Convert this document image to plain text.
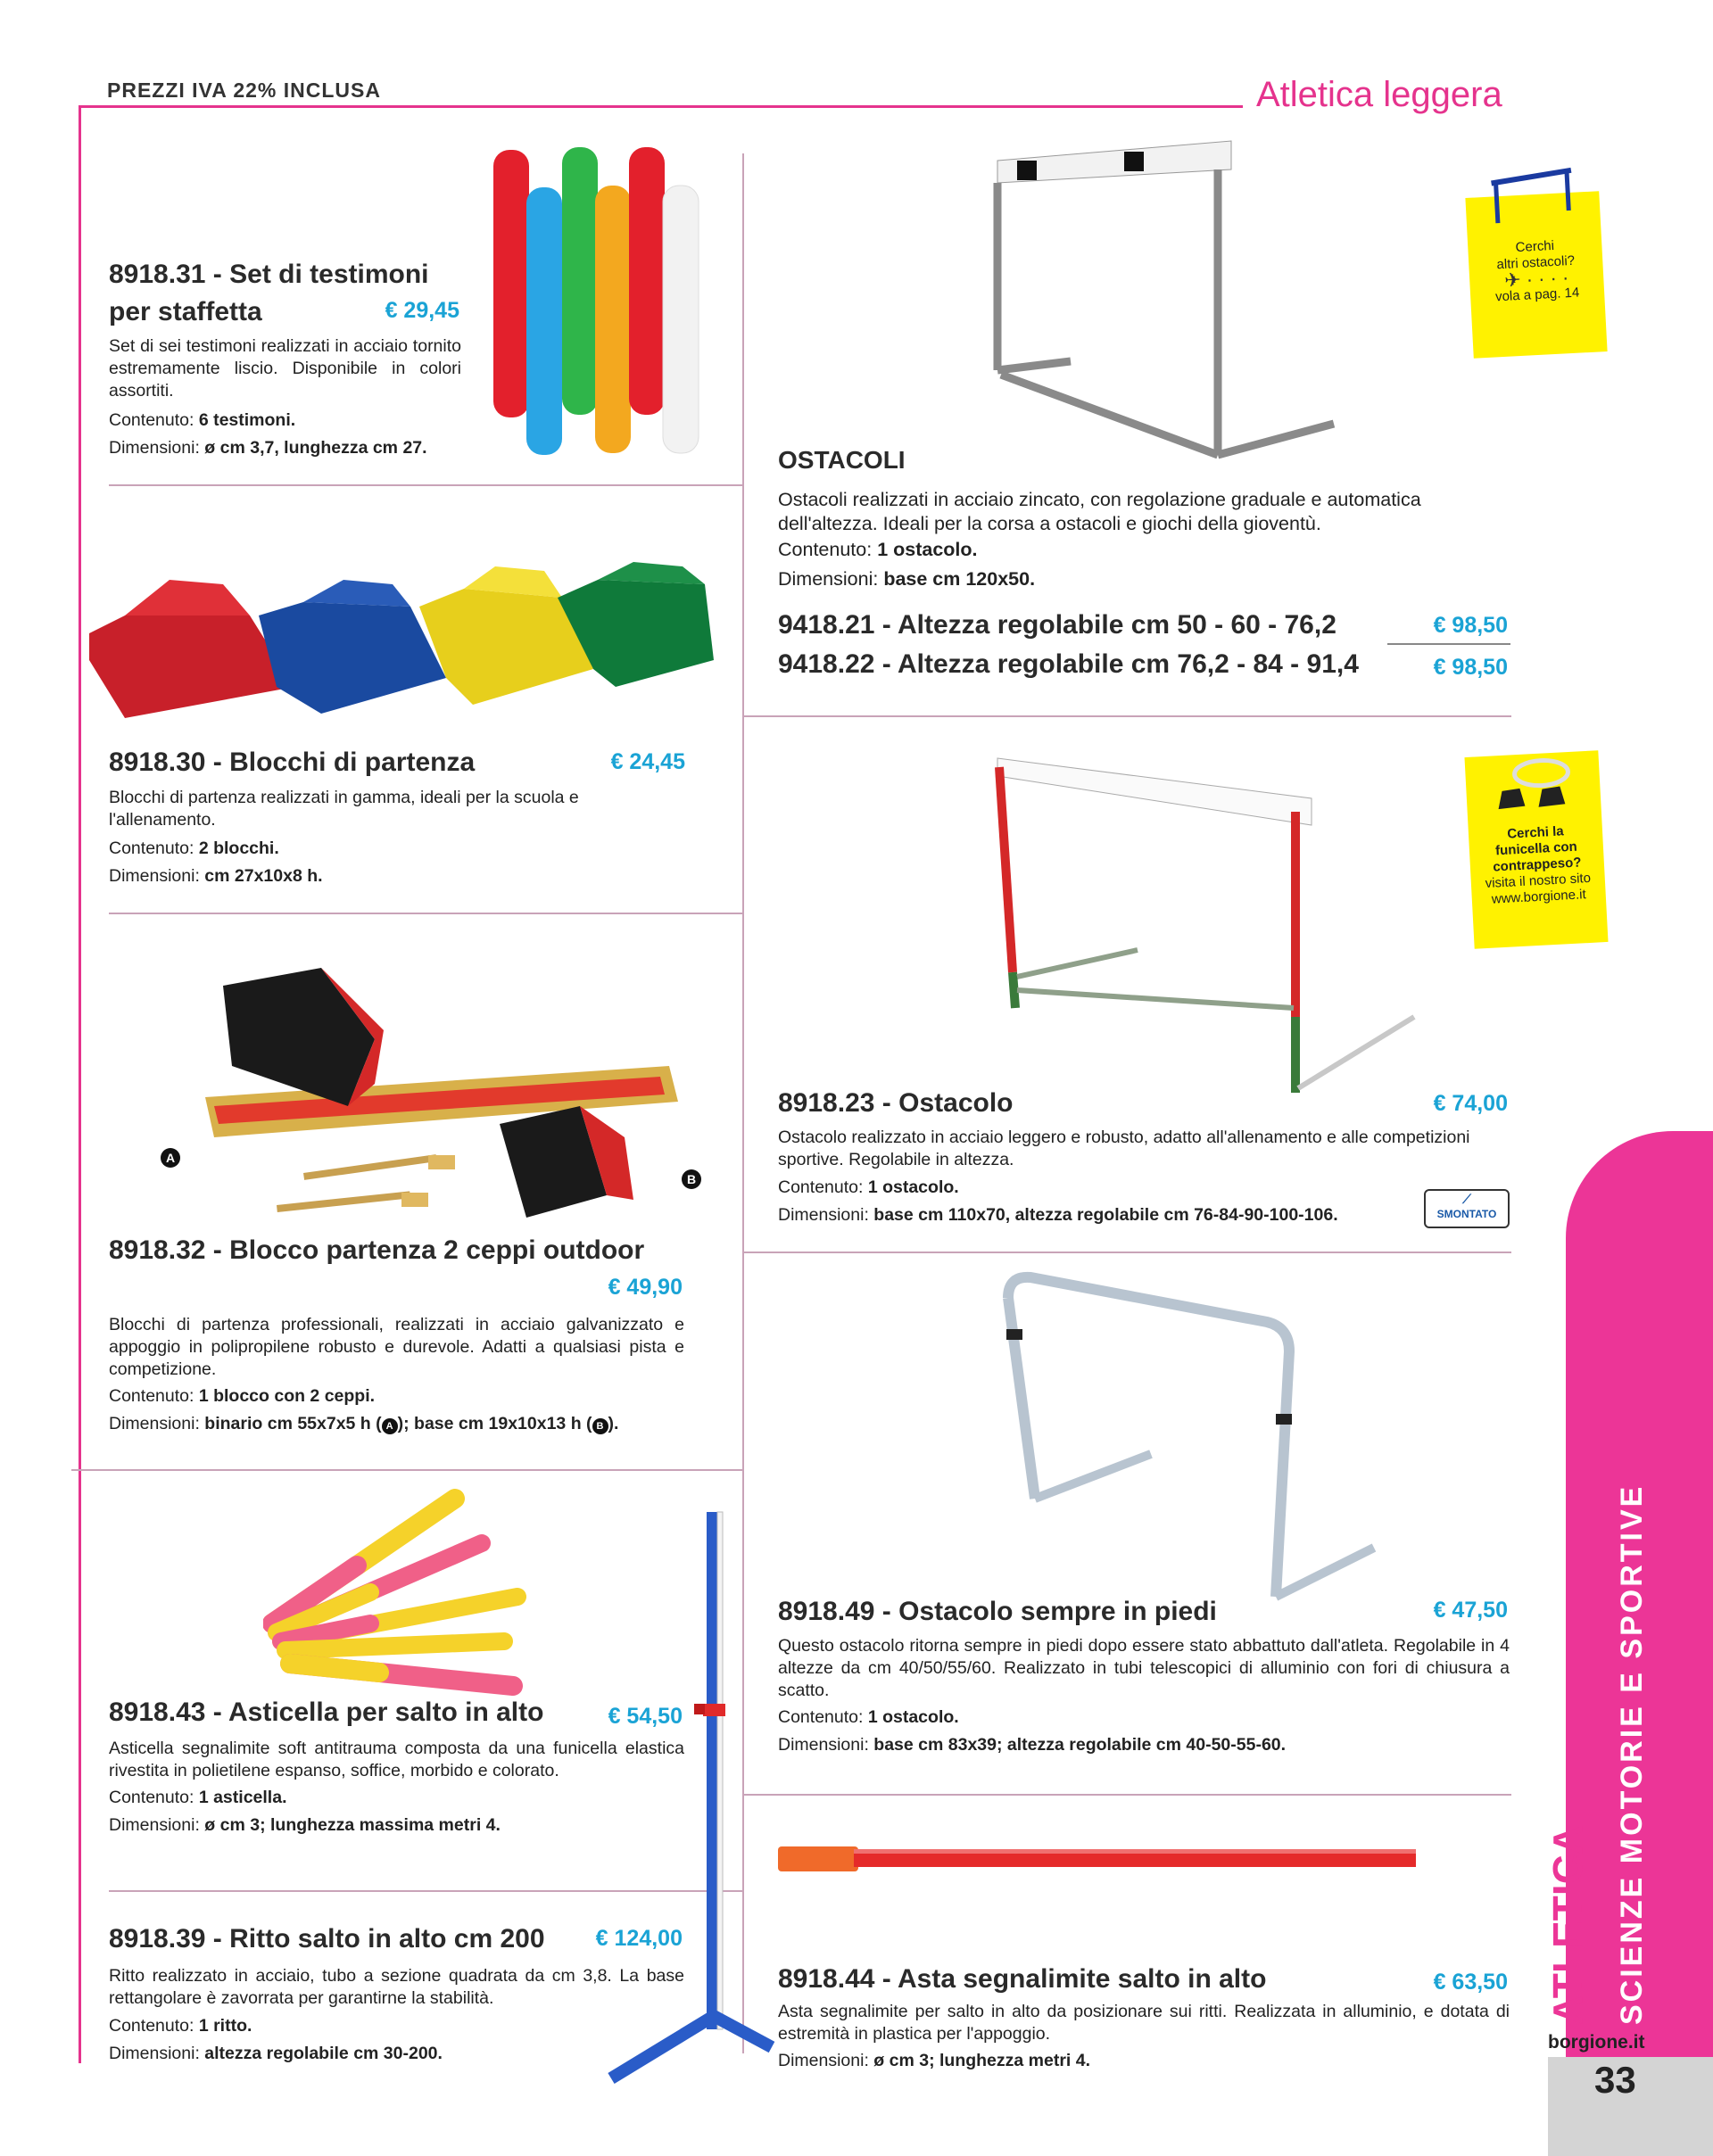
PREZZI IVA 22% INCLUSA	Atletica leggera
8918.31 - Set di testimoni
per staffetta	€ 29,45
Set di sei testimoni realizzati in acciaio tornito estremamente liscio. Disponibile in colori assortiti.
Contenuto: 6 testimoni.
Dimensioni: ø cm 3,7, lunghezza cm 27.
8918.30 - Blocchi di partenza	€ 24,45
Blocchi di partenza realizzati in gamma, ideali per la scuola e l'allenamento.
Contenuto: 2 blocchi.
Dimensioni: cm 27x10x8 h.
A
B
8918.32 - Blocco partenza 2 ceppi outdoor
€ 49,90
Blocchi di partenza professionali, realizzati in acciaio galvanizzato e appoggio in polipropilene robusto e durevole. Adatti a qualsiasi pista e competizione.
Contenuto: 1 blocco con 2 ceppi.
Dimensioni: binario cm 55x7x5 h ( A ); base cm 19x10x13 h ( B ).
8918.43 - Asticella per salto in alto	€ 54,50
Asticella segnalimite soft antitrauma composta da una funicella elastica rivestita in polietilene espanso, soffice, morbido e colorato.
Contenuto: 1 asticella.
Dimensioni: ø cm 3; lunghezza massima metri 4.
8918.39 - Ritto salto in alto cm 200	€ 124,00
Ritto realizzato in acciaio, tubo a sezione quadrata da cm 3,8. La base rettangolare è zavorrata per garantirne la stabilità.
Contenuto: 1 ritto.
Dimensioni: altezza regolabile cm 30-200.
Cerchi
altri ostacoli?
✈ · · · ·
vola a pag. 14
OSTACOLI
Ostacoli realizzati in acciaio zincato, con regolazione graduale e automatica dell'altezza. Ideali per la corsa a ostacoli e giochi della gioventù.
Contenuto: 1 ostacolo.
Dimensioni: base cm 120x50.
9418.21 - Altezza regolabile cm 50 - 60 - 76,2	€ 98,50
9418.22 - Altezza regolabile cm 76,2 - 84 - 91,4	€ 98,50
Cerchi la
funicella con
contrappeso?
visita il nostro sito
www.borgione.it
8918.23 - Ostacolo	€ 74,00
Ostacolo realizzato in acciaio leggero e robusto, adatto all'allenamento e alle competizioni sportive. Regolabile in altezza.
Contenuto: 1 ostacolo.
Dimensioni: base cm 110x70, altezza regolabile cm 76-84-90-100-106.
⟋
SMONTATO
8918.49 - Ostacolo sempre in piedi	€ 47,50
Questo ostacolo ritorna sempre in piedi dopo essere stato abbattuto dall'atleta. Regolabile in 4 altezze da cm 40/50/55/60. Realizzato in tubi telescopici di alluminio con fori di chiusura a scatto.
Contenuto: 1 ostacolo.
Dimensioni: base cm 83x39; altezza regolabile cm 40-50-55-60.
8918.44 - Asta segnalimite salto in alto	€ 63,50
Asta segnalimite per salto in alto da posizionare sui ritti. Realizzata in alluminio, e dotata di estremità in plastica per l'appoggio.
Dimensioni: ø cm 3; lunghezza metri 4.
ATLETICA SCIENZE MOTORIE E SPORTIVE
borgione.it
33
